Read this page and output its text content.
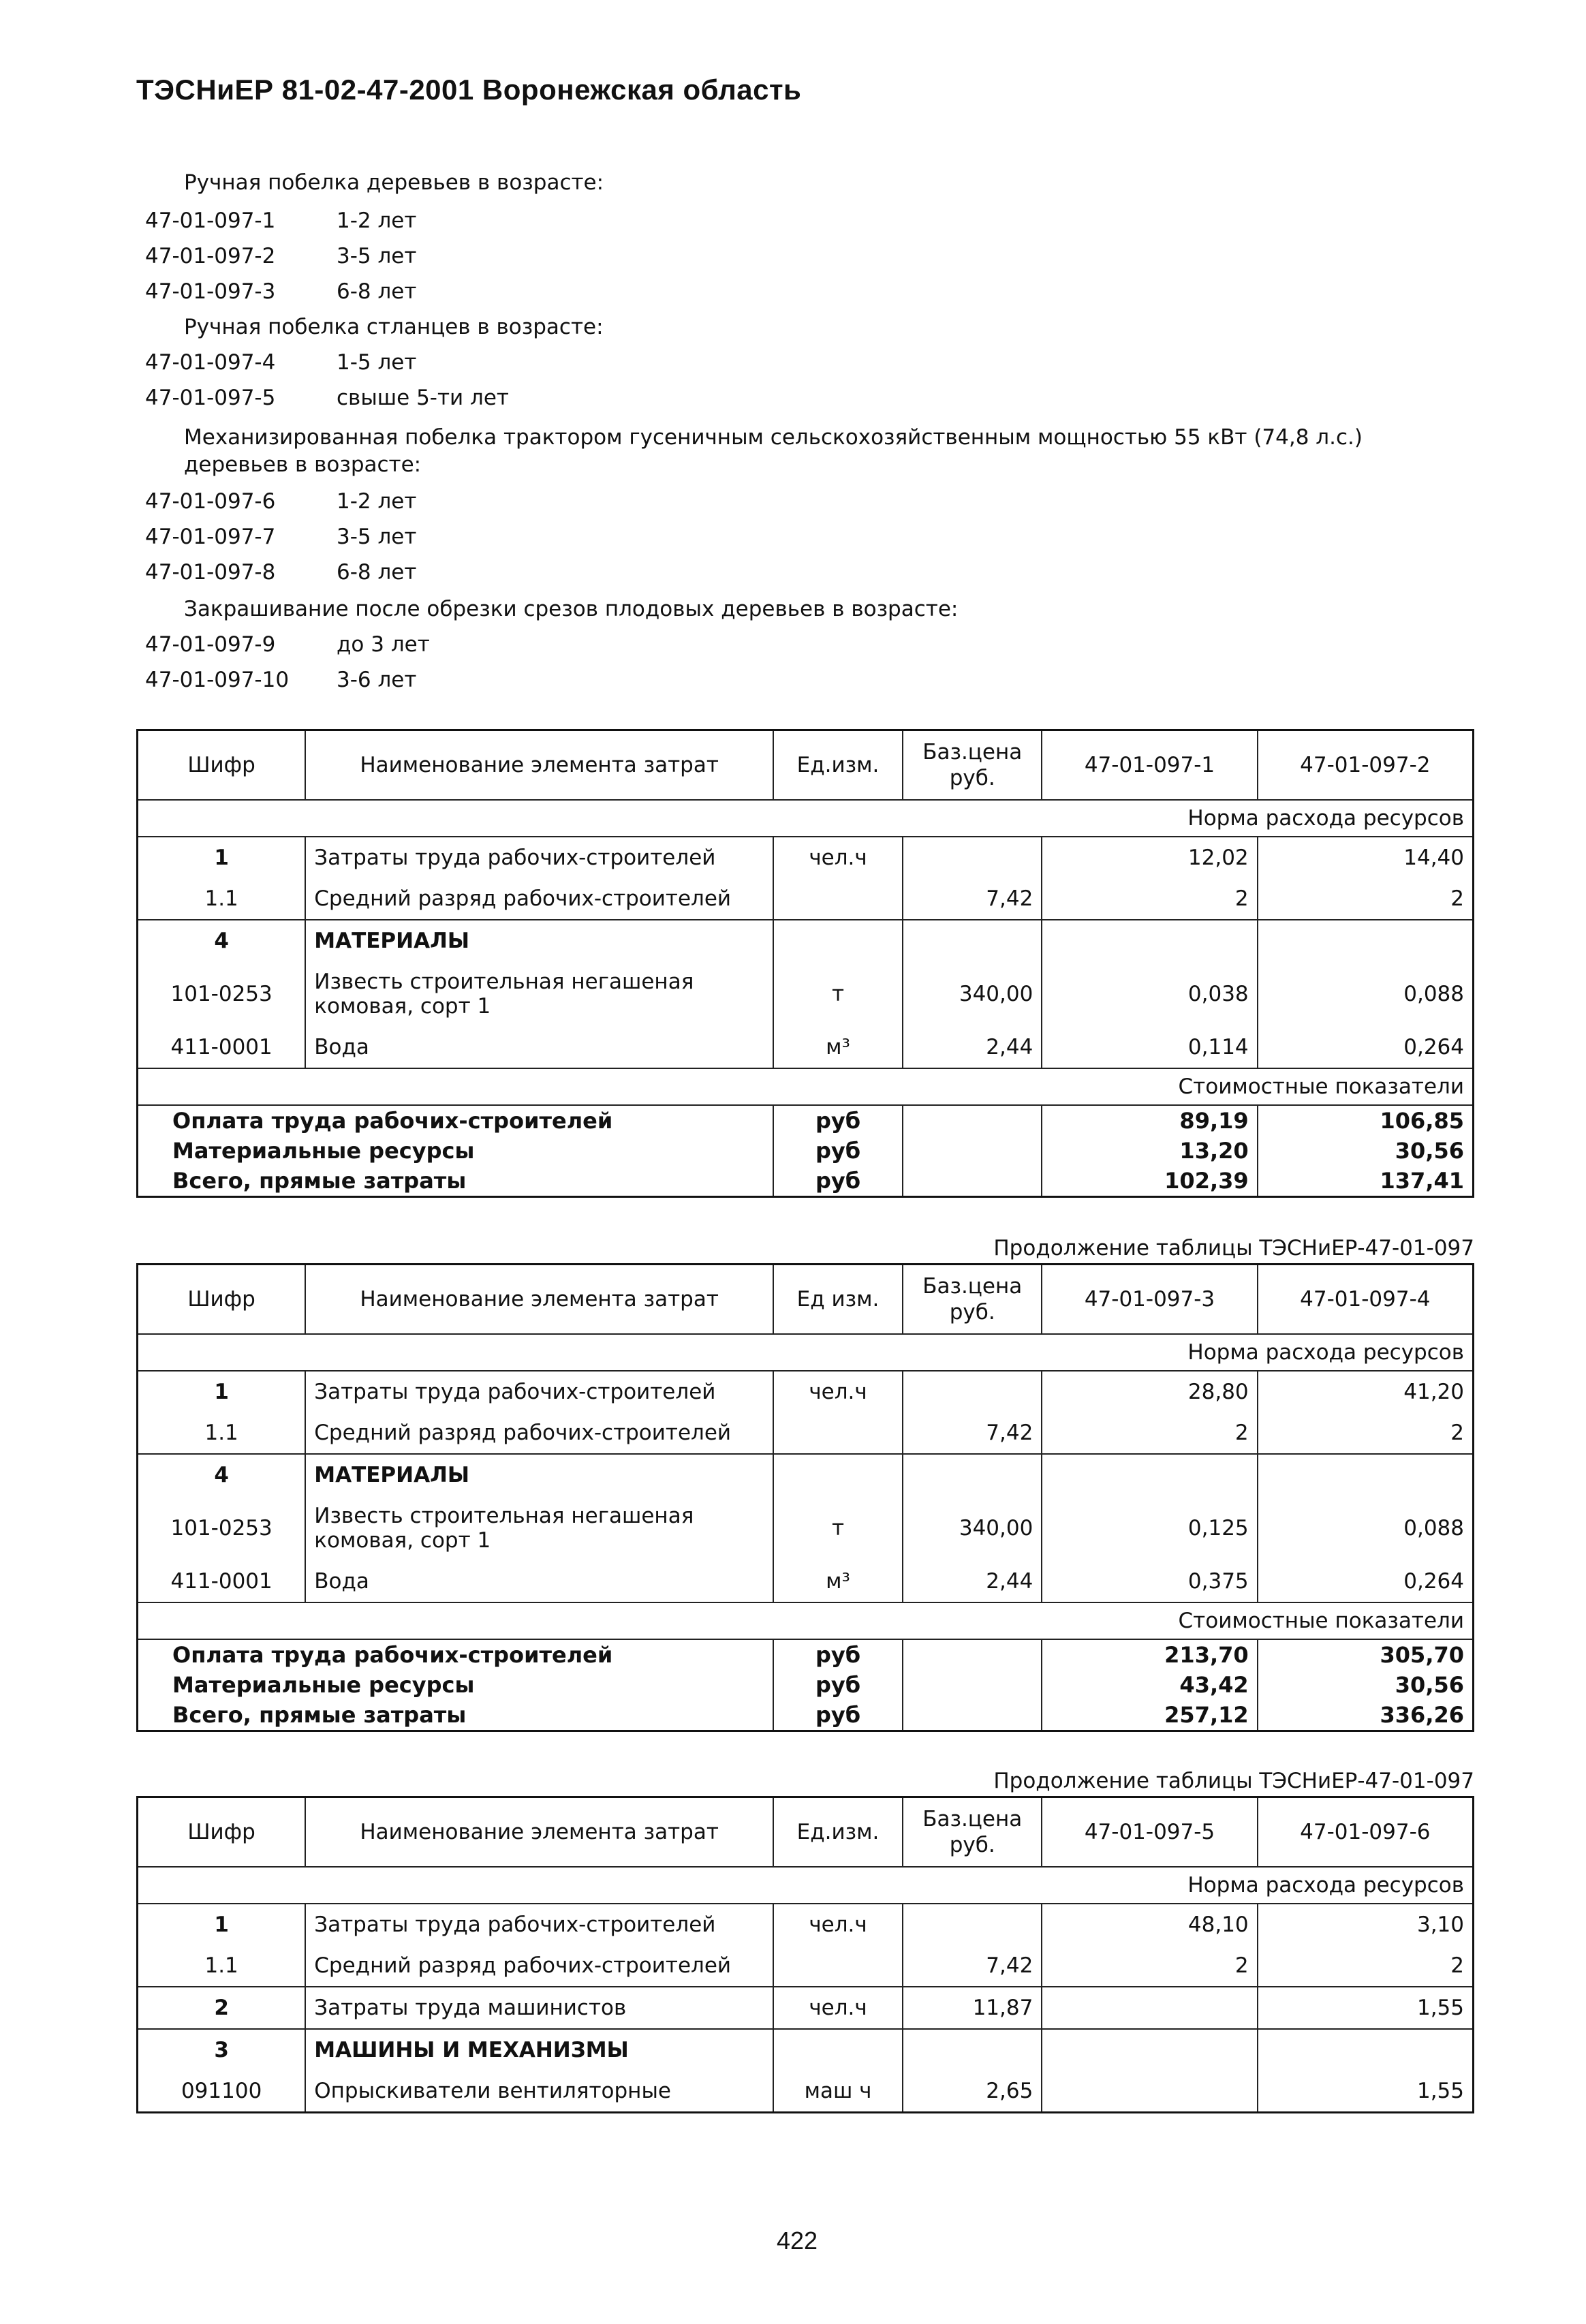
ТЭСНиЕР 81-02-47-2001 Воронежская область
Ручная побелка деревьев в возрасте:
47-01-097-1	1-2 лет
47-01-097-2	3-5 лет
47-01-097-3	6-8 лет
Ручная побелка стланцев в возрасте:
47-01-097-4	1-5 лет
47-01-097-5	свыше 5-ти лет
Механизированная побелка трактором гусеничным сельскохозяйственным мощностью 55 кВт (74,8 л.с.) деревьев в возрасте:
47-01-097-6	1-2 лет
47-01-097-7	3-5 лет
47-01-097-8	6-8 лет
Закрашивание после обрезки срезов плодовых деревьев в возрасте:
47-01-097-9	до 3 лет
47-01-097-10 3-6 лет
Шифр	Наименование элемента затрат	Ед.изм.	Баз.цена руб.	47-01-097-1	47-01-097-2
Норма расхода ресурсов					
1	Затраты труда рабочих-строителей	чел.ч		12,02	14,40
1.1	Средний разряд рабочих-строителей		7,42	2	2
4	МАТЕРИАЛЫ				
101-0253	Известь строительная негашеная комовая, сорт 1	т	340,00	0,038	0,088
411-0001	Вода	м³	2,44	0,114	0,264
Стоимостные показатели					
Оплата труда рабочих-строителей		руб		89,19	106,85
Материальные ресурсы		руб		13,20	30,56
Всего, прямые затраты		руб		102,39	137,41
Продолжение таблицы ТЭСНиЕР-47-01-097
Шифр	Наименование элемента затрат	Ед изм.	Баз.цена руб.	47-01-097-3	47-01-097-4
Норма расхода ресурсов					
1	Затраты труда рабочих-строителей	чел.ч		28,80	41,20
1.1	Средний разряд рабочих-строителей		7,42	2	2
4	МАТЕРИАЛЫ				
101-0253	Известь строительная негашеная комовая, сорт 1	т	340,00	0,125	0,088
411-0001	Вода	м³	2,44	0,375	0,264
Стоимостные показатели					
Оплата труда рабочих-строителей		руб		213,70	305,70
Материальные ресурсы		руб		43,42	30,56
Всего, прямые затраты		руб		257,12	336,26
Продолжение таблицы ТЭСНиЕР-47-01-097
Шифр	Наименование элемента затрат	Ед.изм.	Баз.цена руб.	47-01-097-5	47-01-097-6
Норма расхода ресурсов					
1	Затраты труда рабочих-строителей	чел.ч		48,10	3,10
1.1	Средний разряд рабочих-строителей		7,42	2	2
2	Затраты труда машинистов	чел.ч	11,87		1,55
3	МАШИНЫ И МЕХАНИЗМЫ				
091100	Опрыскиватели вентиляторные	маш ч	2,65		1,55
422
